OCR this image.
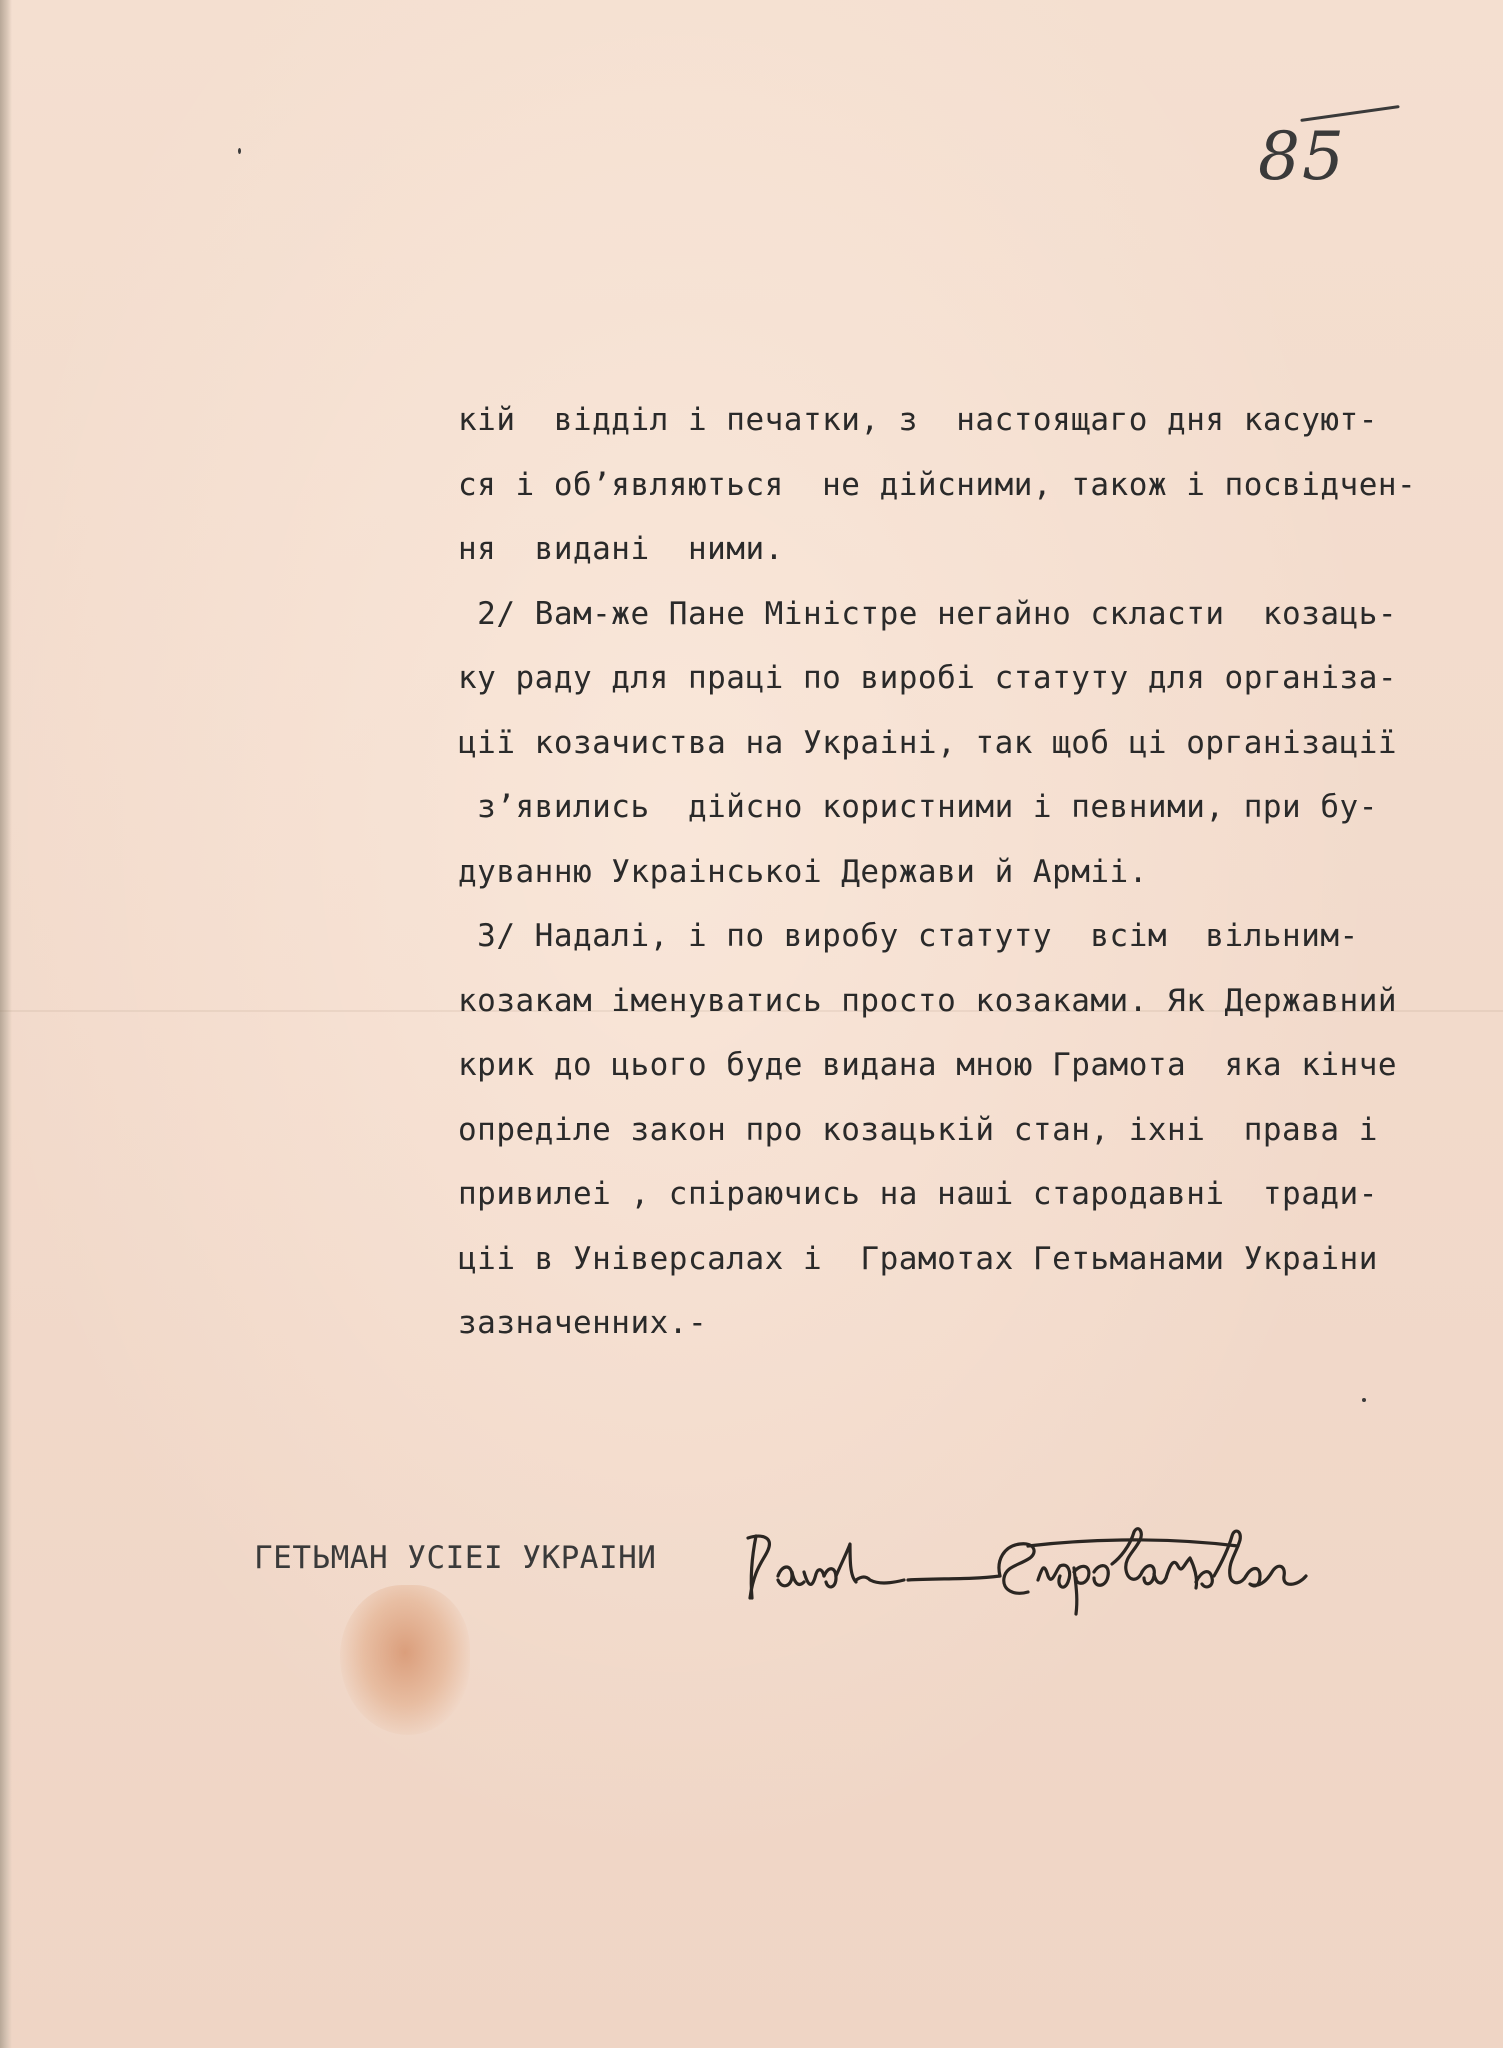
85
кій  відділ і печатки, з  настоящаго дня касуют-
ся і об’являються  не дійсними, також і посвідчен-
ня  видані  ними.
2/ Вам-же Пане Міністре негайно скласти  козаць-
ку раду для праці по виробі статуту для організа-
ції козачиства на Украіні, так щоб ці організації
з’явились  дійсно користними і певними, при бу-
дуванню Украінськоі Держави й Арміі.
3/ Надалі, і по виробу статуту  всім  вільним-
козакам іменуватись просто козаками. Як Державний
крик до цього буде видана мною Грамота  яка кінче
опреділе закон про козацькій стан, іхні  права і
привилеі , спіраючись на наші стародавні  тради-
ціі в Універсалах і  Грамотах Гетьманами Украіни
зазначенних.-
ГЕТЬМАН УСІЕІ УКРАІНИ
